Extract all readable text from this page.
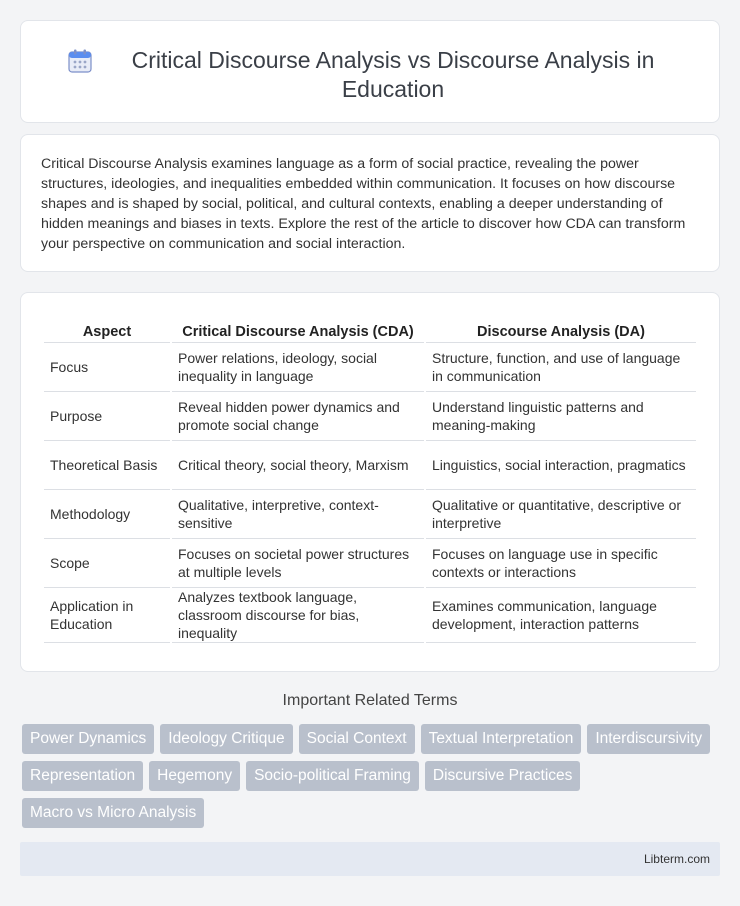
Critical Discourse Analysis vs Discourse Analysis in Education

Critical Discourse Analysis examines language as a form of social practice, revealing the power structures, ideologies, and inequalities embedded within communication. It focuses on how discourse shapes and is shaped by social, political, and cultural contexts, enabling a deeper understanding of hidden meanings and biases in texts. Explore the rest of the article to discover how CDA can transform your perspective on communication and social interaction.

Aspect	Critical Discourse Analysis (CDA)	Discourse Analysis (DA)
Focus	Power relations, ideology, social inequality in language	Structure, function, and use of language in communication
Purpose	Reveal hidden power dynamics and promote social change	Understand linguistic patterns and meaning-making
Theoretical Basis	Critical theory, social theory, Marxism	Linguistics, social interaction, pragmatics
Methodology	Qualitative, interpretive, context-sensitive	Qualitative or quantitative, descriptive or interpretive
Scope	Focuses on societal power structures at multiple levels	Focuses on language use in specific contexts or interactions
Application in Education	Analyzes textbook language, classroom discourse for bias, inequality	Examines communication, language development, interaction patterns
Important Related Terms
Power Dynamics	Ideology Critique	Social Context	Textual Interpretation	Interdiscursivity
Representation	Hegemony	Socio-political Framing	Discursive Practices
Macro vs Micro Analysis
Libterm.com
